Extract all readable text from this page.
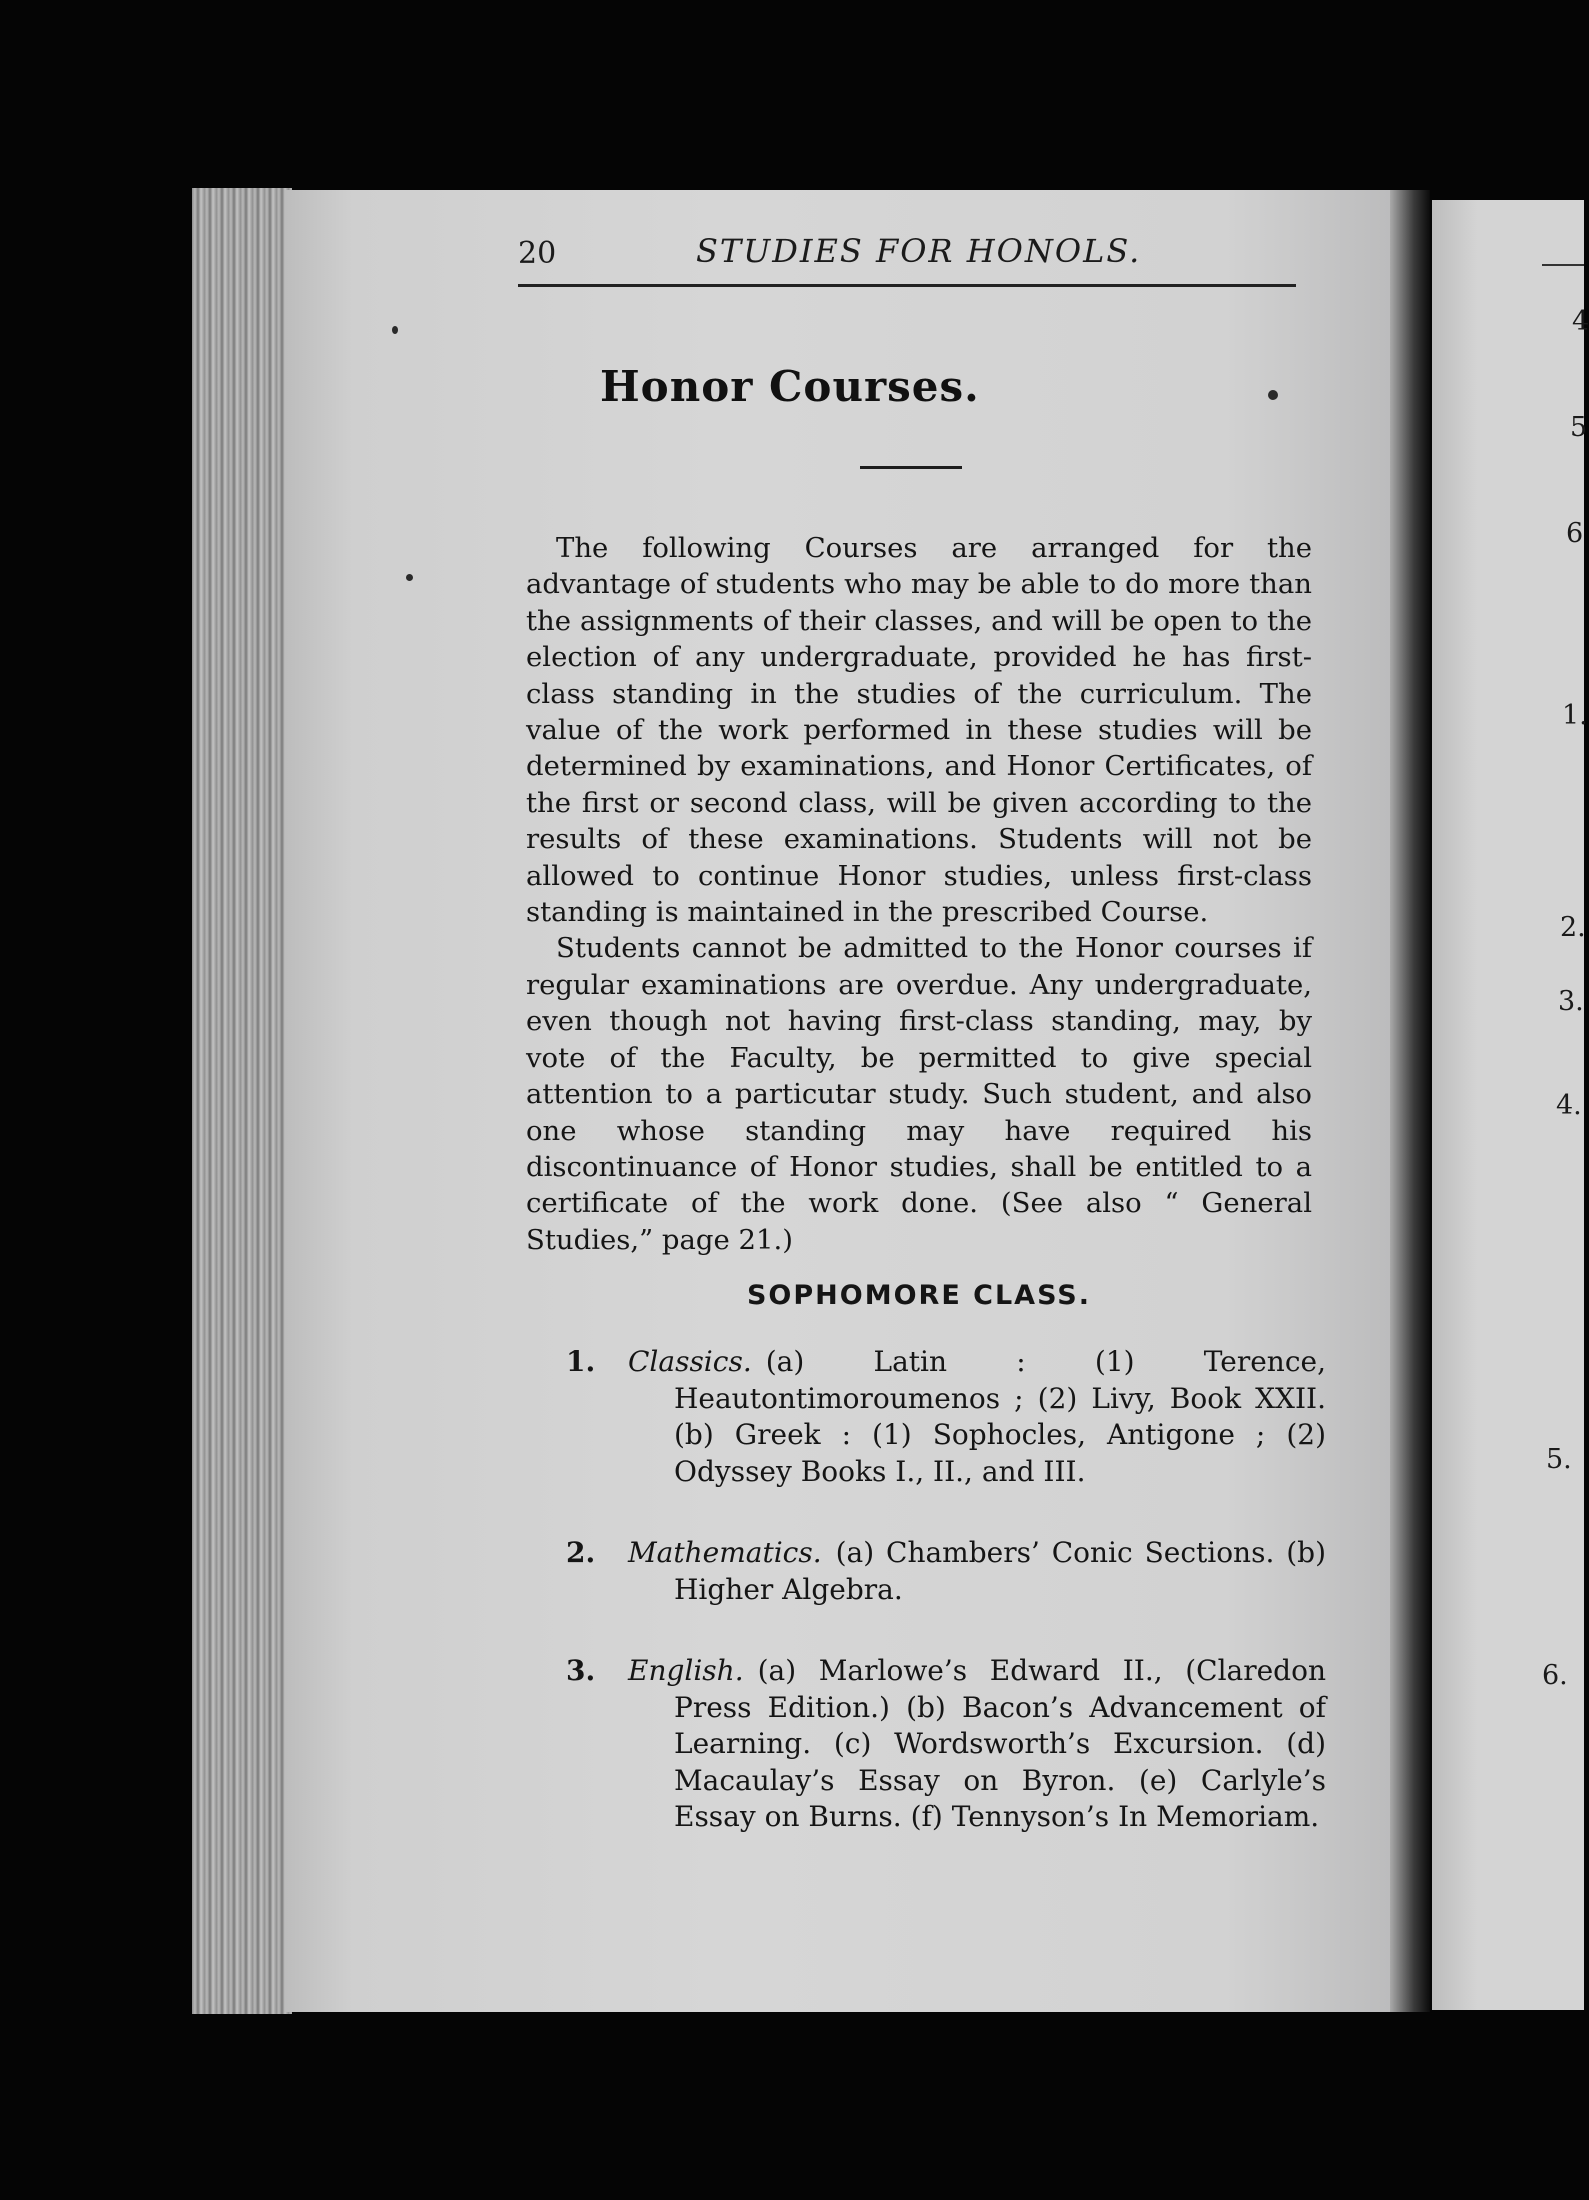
4
5
6
1.
2.
3.
4.
5.
6.
20	STUDIES FOR HONOLS.
Honor Courses.

The following Courses are arranged for the advantage of students who may be able to do more than the assignments of their classes, and will be open to the election of any undergraduate, provided he has first-class standing in the studies of the curriculum. The value of the work performed in these studies will be determined by examinations, and Honor Certificates, of the first or second class, will be given according to the results of these examinations. Students will not be allowed to continue Honor studies, unless first-class standing is maintained in the prescribed Course.

Students cannot be admitted to the Honor courses if regular examinations are overdue. Any undergraduate, even though not having first-class standing, may, by vote of the Faculty, be permitted to give special attention to a particutar study. Such student, and also one whose standing may have required his discontinuance of Honor studies, shall be entitled to a certificate of the work done. (See also “ General Studies,” page 21.)

SOPHOMORE CLASS.
1. Classics. (a) Latin : (1) Terence, Heautontimoroumenos ; (2) Livy, Book XXII. (b) Greek : (1) Sophocles, Antigone ; (2) Odyssey Books I., II., and III.
2. Mathematics. (a) Chambers’ Conic Sections. (b) Higher Algebra.
3. English. (a) Marlowe’s Edward II., (Claredon Press Edition.) (b) Bacon’s Advancement of Learning. (c) Wordsworth’s Excursion. (d) Macaulay’s Essay on Byron. (e) Carlyle’s Essay on Burns. (f) Tennyson’s In Memoriam.
